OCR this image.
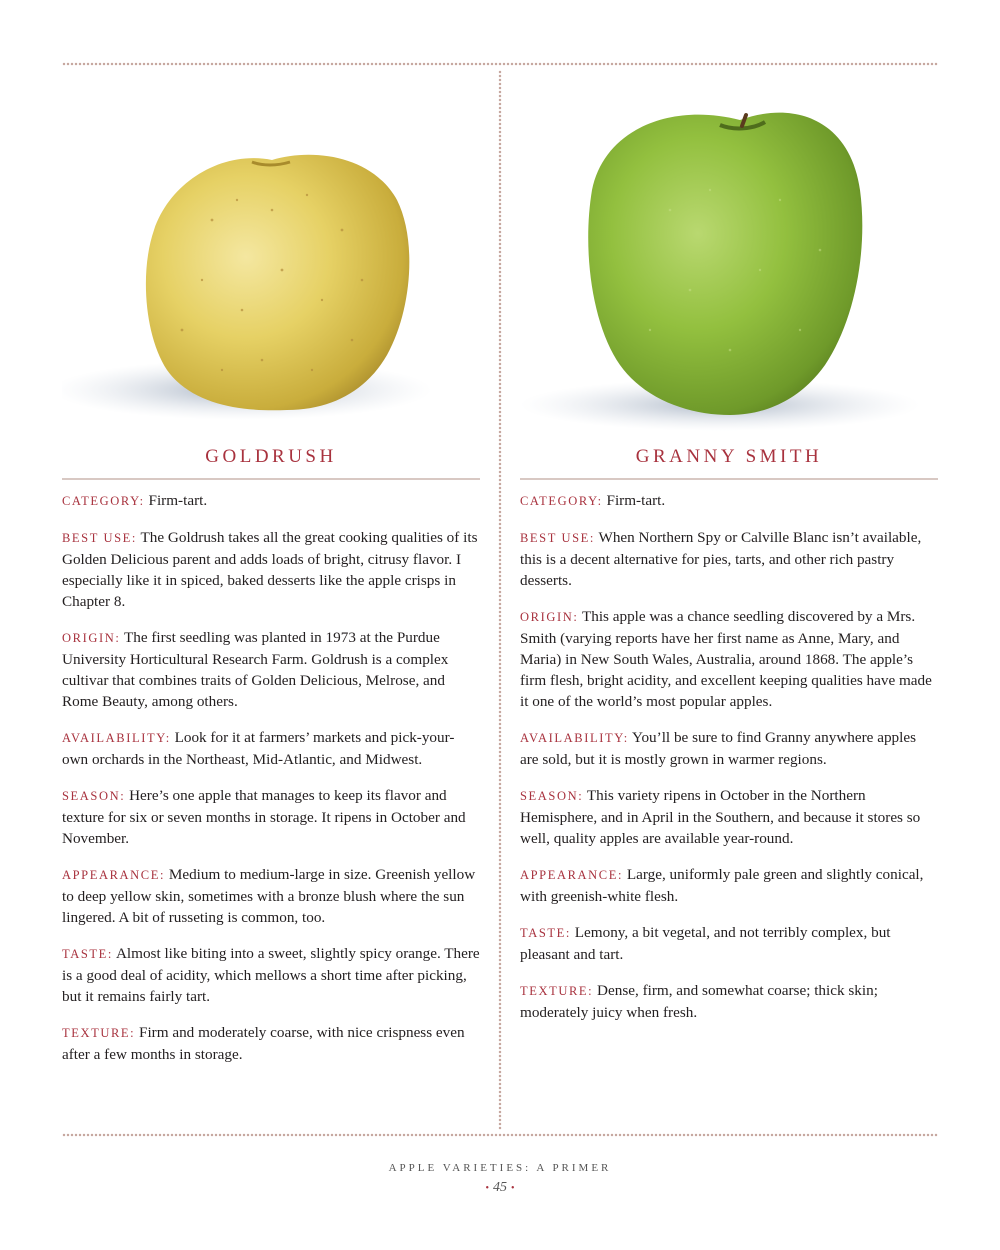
GOLDRUSH

CATEGORY: Firm-tart.

BEST USE: The Goldrush takes all the great cooking qualities of its Golden Delicious parent and adds loads of bright, citrusy flavor. I especially like it in spiced, baked desserts like the apple crisps in Chapter 8.

ORIGIN: The first seedling was planted in 1973 at the Purdue University Horticultural Research Farm. Goldrush is a complex cultivar that combines traits of Golden Delicious, Melrose, and Rome Beauty, among others.

AVAILABILITY: Look for it at farmers’ markets and pick-your-own orchards in the Northeast, Mid-Atlantic, and Midwest.

SEASON: Here’s one apple that manages to keep its flavor and texture for six or seven months in storage. It ripens in October and November.

APPEARANCE: Medium to medium-large in size. Greenish yellow to deep yellow skin, sometimes with a bronze blush where the sun lingered. A bit of russeting is common, too.

TASTE: Almost like biting into a sweet, slightly spicy orange. There is a good deal of acidity, which mellows a short time after picking, but it remains fairly tart.

TEXTURE: Firm and moderately coarse, with nice crispness even after a few months in storage.

GRANNY SMITH

CATEGORY: Firm-tart.

BEST USE: When Northern Spy or Calville Blanc isn’t available, this is a decent alternative for pies, tarts, and other rich pastry desserts.

ORIGIN: This apple was a chance seedling discovered by a Mrs. Smith (varying reports have her first name as Anne, Mary, and Maria) in New South Wales, Australia, around 1868. The apple’s firm flesh, bright acidity, and excellent keeping qualities have made it one of the world’s most popular apples.

AVAILABILITY: You’ll be sure to find Granny anywhere apples are sold, but it is mostly grown in warmer regions.

SEASON: This variety ripens in October in the Northern Hemisphere, and in April in the Southern, and because it stores so well, quality apples are available year-round.

APPEARANCE: Large, uniformly pale green and slightly conical, with greenish-white flesh.

TASTE: Lemony, a bit vegetal, and not terribly complex, but pleasant and tart.

TEXTURE: Dense, firm, and somewhat coarse; thick skin; moderately juicy when fresh.

APPLE VARIETIES: A PRIMER
• 45 •
